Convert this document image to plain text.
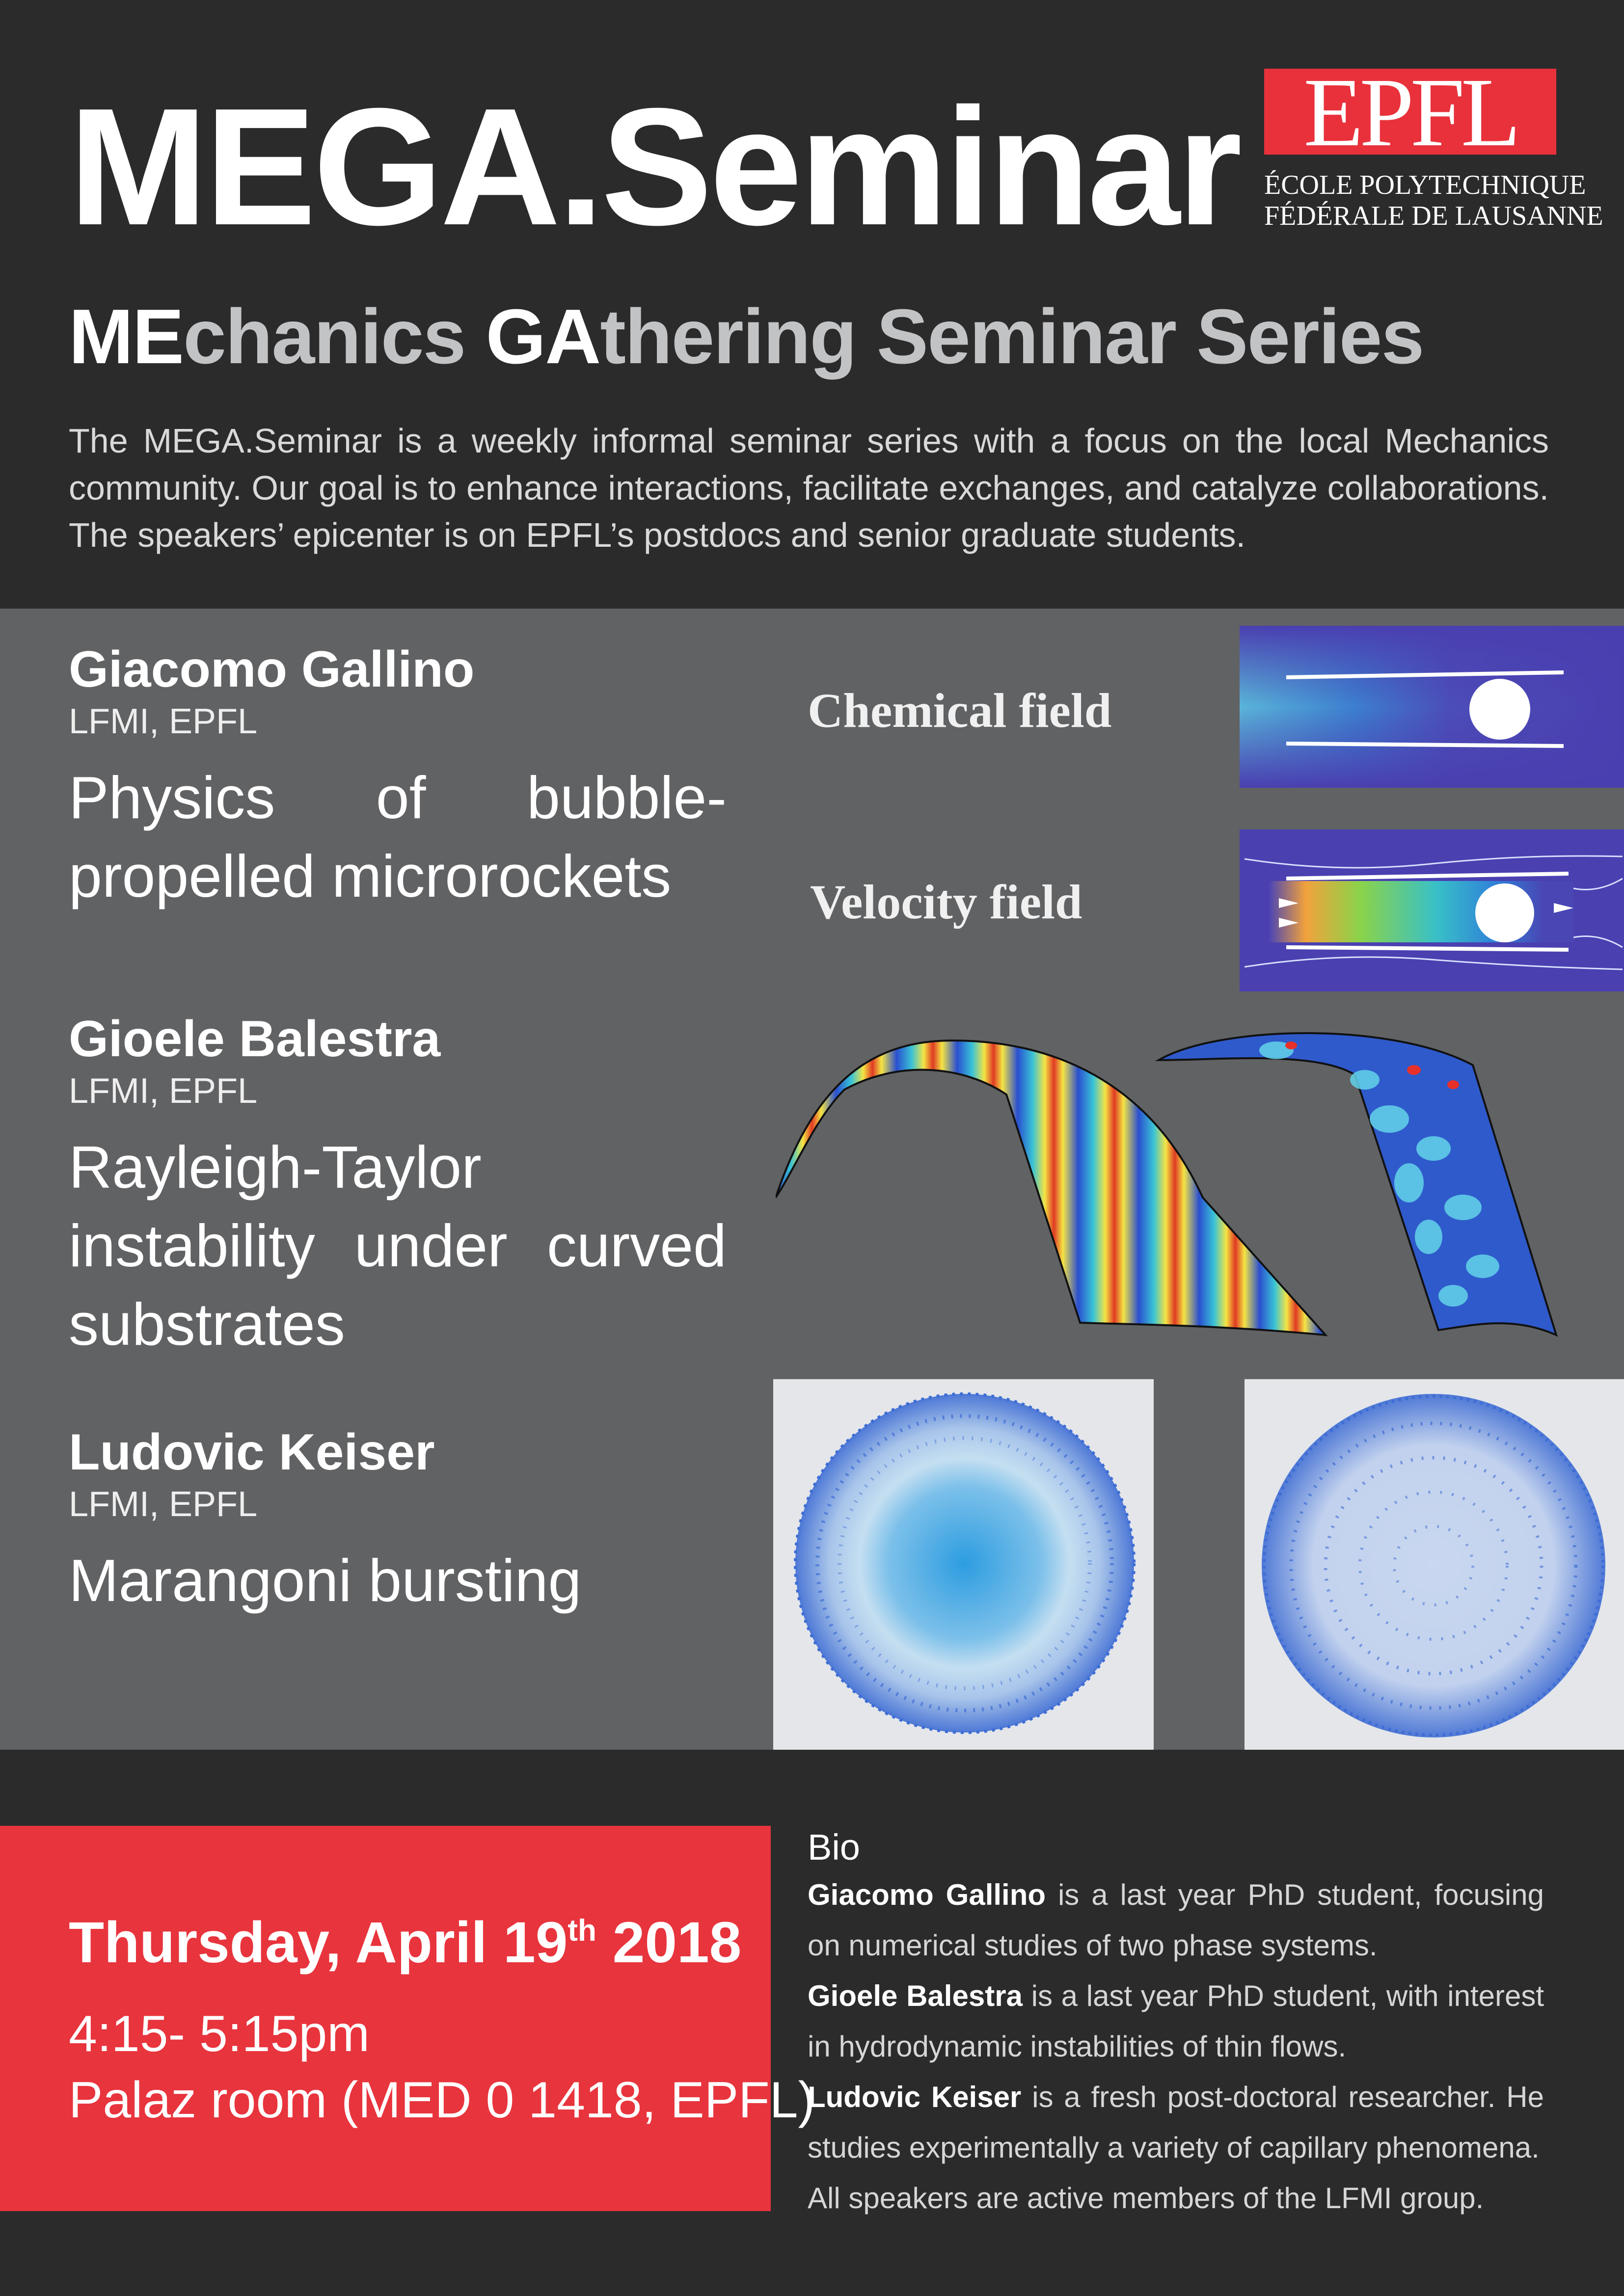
MEGA.Seminar EPFL
ÉCOLE POLYTECHNIQUE
FÉDÉRALE DE LAUSANNE
MEchanics GAthering Seminar Series
The MEGA.Seminar is a weekly informal seminar series with a focus on the local Mechanics community. Our goal is to enhance interactions, facilitate exchanges, and catalyze collaborations. The speakers’ epicenter is on EPFL’s postdocs and senior graduate students.
Giacomo Gallino
LFMI, EPFL
Physics of bubble-propelled microrockets
Gioele Balestra
LFMI, EPFL
Rayleigh-Taylor instability under curved substrates
Ludovic Keiser
LFMI, EPFL
Marangoni bursting
Chemical field
Velocity field
Thursday, April 19th 2018
4:15- 5:15pm
Palaz room (MED 0 1418, EPFL)
Bio

Giacomo Gallino is a last year PhD student, focusing on numerical studies of two phase systems.

Gioele Balestra is a last year PhD student, with interest in hydrodynamic instabilities of thin flows.

Ludovic Keiser is a fresh post-doctoral researcher. He studies experimentally a variety of capillary phenomena.

All speakers are active members of the LFMI group.
